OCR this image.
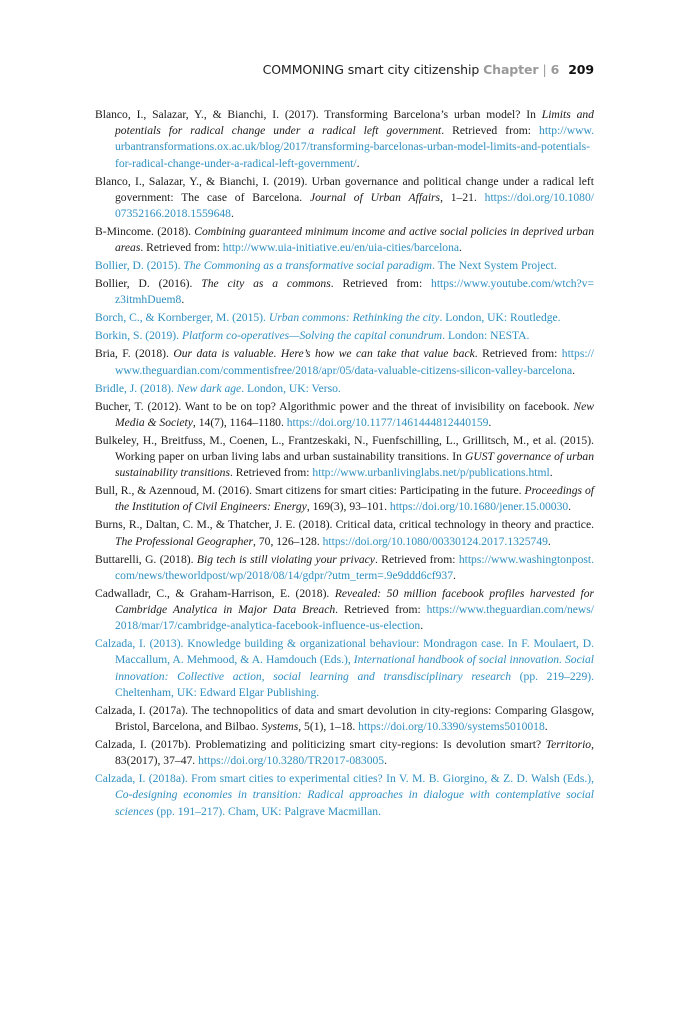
COMMONING smart city citizenship Chapter | 6 209

Blanco, I., Salazar, Y., & Bianchi, I. (2017). Transforming Barcelona’s urban model? In Limits and potentials for radical change under a radical left government. Retrieved from: http://www.urbantransformations.ox.ac.uk/blog/2017/transforming-barcelonas-urban-model-limits-and-potentials-for-radical-change-under-a-radical-left-government/.

Blanco, I., Salazar, Y., & Bianchi, I. (2019). Urban governance and political change under a radical left government: The case of Barcelona. Journal of Urban Affairs, 1–21. https://doi.org/10.1080/07352166.2018.1559648.

B-Mincome. (2018). Combining guaranteed minimum income and active social policies in deprived urban areas. Retrieved from: http://www.uia-initiative.eu/en/uia-cities/barcelona.

Bollier, D. (2015). The Commoning as a transformative social paradigm. The Next System Project.

Bollier, D. (2016). The city as a commons. Retrieved from: https://www.youtube.com/wtch?v=z3itmhDuem8.

Borch, C., & Kornberger, M. (2015). Urban commons: Rethinking the city. London, UK: Routledge.

Borkin, S. (2019). Platform co-operatives—Solving the capital conundrum. London: NESTA.

Bria, F. (2018). Our data is valuable. Here’s how we can take that value back. Retrieved from: https://www.theguardian.com/commentisfree/2018/apr/05/data-valuable-citizens-silicon-valley-barcelona.

Bridle, J. (2018). New dark age. London, UK: Verso.

Bucher, T. (2012). Want to be on top? Algorithmic power and the threat of invisibility on facebook. New Media & Society, 14(7), 1164–1180. https://doi.org/10.1177/1461444812440159.

Bulkeley, H., Breitfuss, M., Coenen, L., Frantzeskaki, N., Fuenfschilling, L., Grillitsch, M., et al. (2015). Working paper on urban living labs and urban sustainability transitions. In GUST governance of urban sustainability transitions. Retrieved from: http://www.urbanlivinglabs.net/p/publications.html.

Bull, R., & Azennoud, M. (2016). Smart citizens for smart cities: Participating in the future. Proceedings of the Institution of Civil Engineers: Energy, 169(3), 93–101. https://doi.org/10.1680/jener.15.00030.

Burns, R., Daltan, C. M., & Thatcher, J. E. (2018). Critical data, critical technology in theory and practice. The Professional Geographer, 70, 126–128. https://doi.org/10.1080/00330124.2017.1325749.

Buttarelli, G. (2018). Big tech is still violating your privacy. Retrieved from: https://www.washingtonpost.com/news/theworldpost/wp/2018/08/14/gdpr/?utm_term=.9e9ddd6cf937.

Cadwalladr, C., & Graham-Harrison, E. (2018). Revealed: 50 million facebook profiles harvested for Cambridge Analytica in Major Data Breach. Retrieved from: https://www.theguardian.com/news/2018/mar/17/cambridge-analytica-facebook-influence-us-election.

Calzada, I. (2013). Knowledge building & organizational behaviour: Mondragon case. In F. Moulaert, D. Maccallum, A. Mehmood, & A. Hamdouch (Eds.), International handbook of social innovation. Social innovation: Collective action, social learning and transdisciplinary research (pp. 219–229). Cheltenham, UK: Edward Elgar Publishing.

Calzada, I. (2017a). The technopolitics of data and smart devolution in city-regions: Comparing Glasgow, Bristol, Barcelona, and Bilbao. Systems, 5(1), 1–18. https://doi.org/10.3390/systems5010018.

Calzada, I. (2017b). Problematizing and politicizing smart city-regions: Is devolution smart? Territorio, 83(2017), 37–47. https://doi.org/10.3280/TR2017-083005.

Calzada, I. (2018a). From smart cities to experimental cities? In V. M. B. Giorgino, & Z. D. Walsh (Eds.), Co-designing economies in transition: Radical approaches in dialogue with contemplative social sciences (pp. 191–217). Cham, UK: Palgrave Macmillan.
